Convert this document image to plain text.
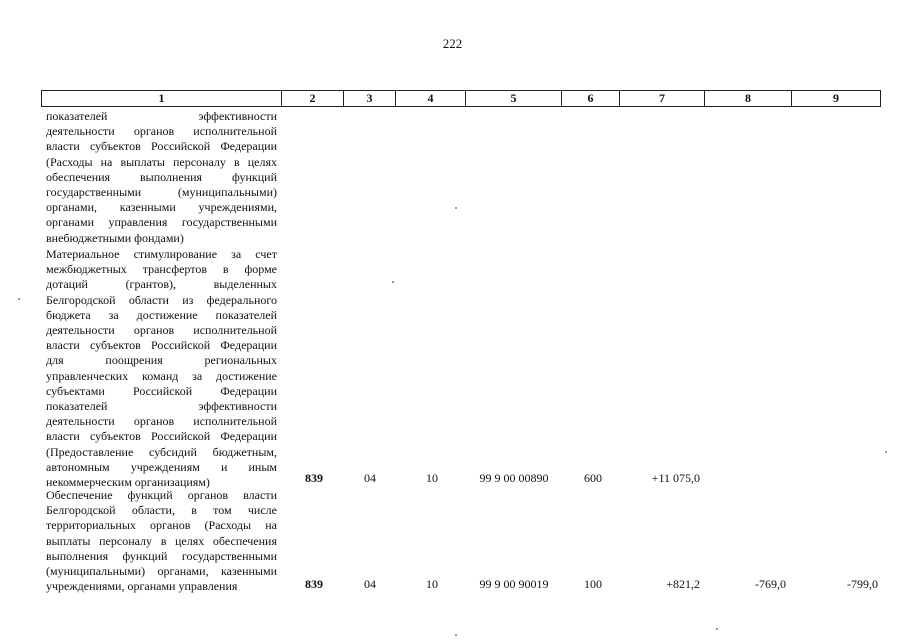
222
1	2	3	4	5	6	7	8	9
показателей эффективности
деятельности органов исполнительной
власти субъектов Российской Федерации
(Расходы на выплаты персоналу в целях
обеспечения выполнения функций
государственными (муниципальными)
органами, казенными учреждениями,
органами управления государственными
внебюджетными фондами)
Материальное стимулирование за счет
межбюджетных трансфертов в форме
дотаций (грантов), выделенных
Белгородской области из федерального
бюджета за достижение показателей
деятельности органов исполнительной
власти субъектов Российской Федерации
для поощрения региональных
управленческих команд за достижение
субъектами Российской Федерации
показателей эффективности
деятельности органов исполнительной
власти субъектов Российской Федерации
(Предоставление субсидий бюджетным,
автономным учреждениям и иным
некоммерческим организациям)	839	04	10	99 9 00 00890	600	+11 075,0
Обеспечение функций органов власти
Белгородской области, в том числе
территориальных органов (Расходы на
выплаты персоналу в целях обеспечения
выполнения функций государственными
(муниципальными) органами, казенными
учреждениями, органами управления	839	04	10	99 9 00 90019	100	+821,2	-769,0	-799,0
